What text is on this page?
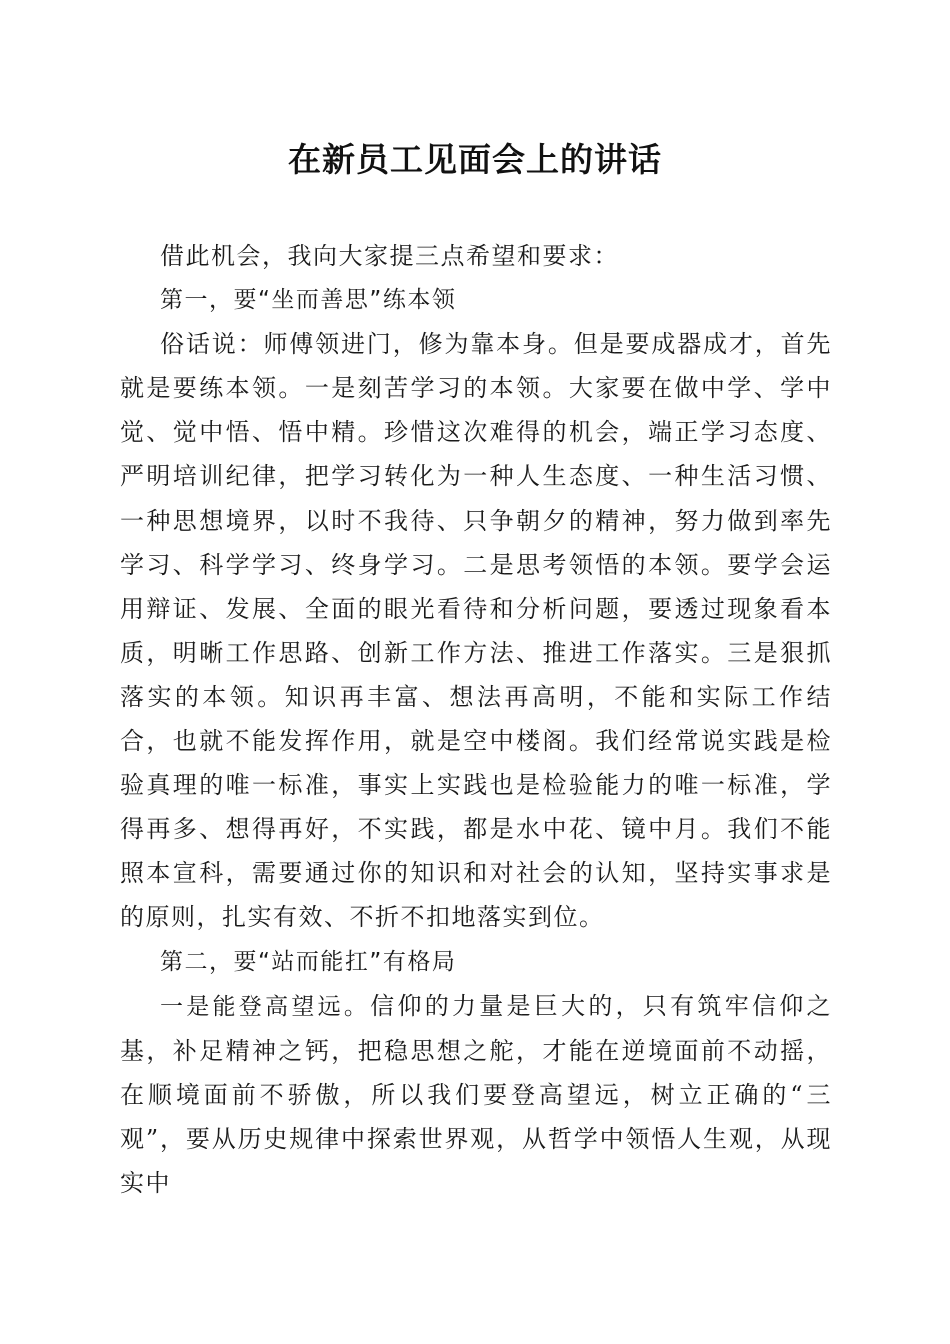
在新员工见面会上的讲话

借此机会，我向大家提三点希望和要求：

第一，要“坐而善思”练本领

俗话说：师傅领进门，修为靠本身。但是要成器成才，首先就是要练本领。一是刻苦学习的本领。大家要在做中学、学中觉、觉中悟、悟中精。珍惜这次难得的机会，端正学习态度、严明培训纪律，把学习转化为一种人生态度、一种生活习惯、一种思想境界，以时不我待、只争朝夕的精神，努力做到率先学习、科学学习、终身学习。二是思考领悟的本领。要学会运用辩证、发展、全面的眼光看待和分析问题，要透过现象看本质，明晰工作思路、创新工作方法、推进工作落实。三是狠抓落实的本领。知识再丰富、想法再高明，不能和实际工作结合，也就不能发挥作用，就是空中楼阁。我们经常说实践是检验真理的唯一标准，事实上实践也是检验能力的唯一标准，学得再多、想得再好，不实践，都是水中花、镜中月。我们不能照本宣科，需要通过你的知识和对社会的认知，坚持实事求是的原则，扎实有效、不折不扣地落实到位。

第二，要“站而能扛”有格局

一是能登高望远。信仰的力量是巨大的，只有筑牢信仰之基，补足精神之钙，把稳思想之舵，才能在逆境面前不动摇，在顺境面前不骄傲，所以我们要登高望远，树立正确的“三观”，要从历史规律中探索世界观，从哲学中领悟人生观，从现实中
